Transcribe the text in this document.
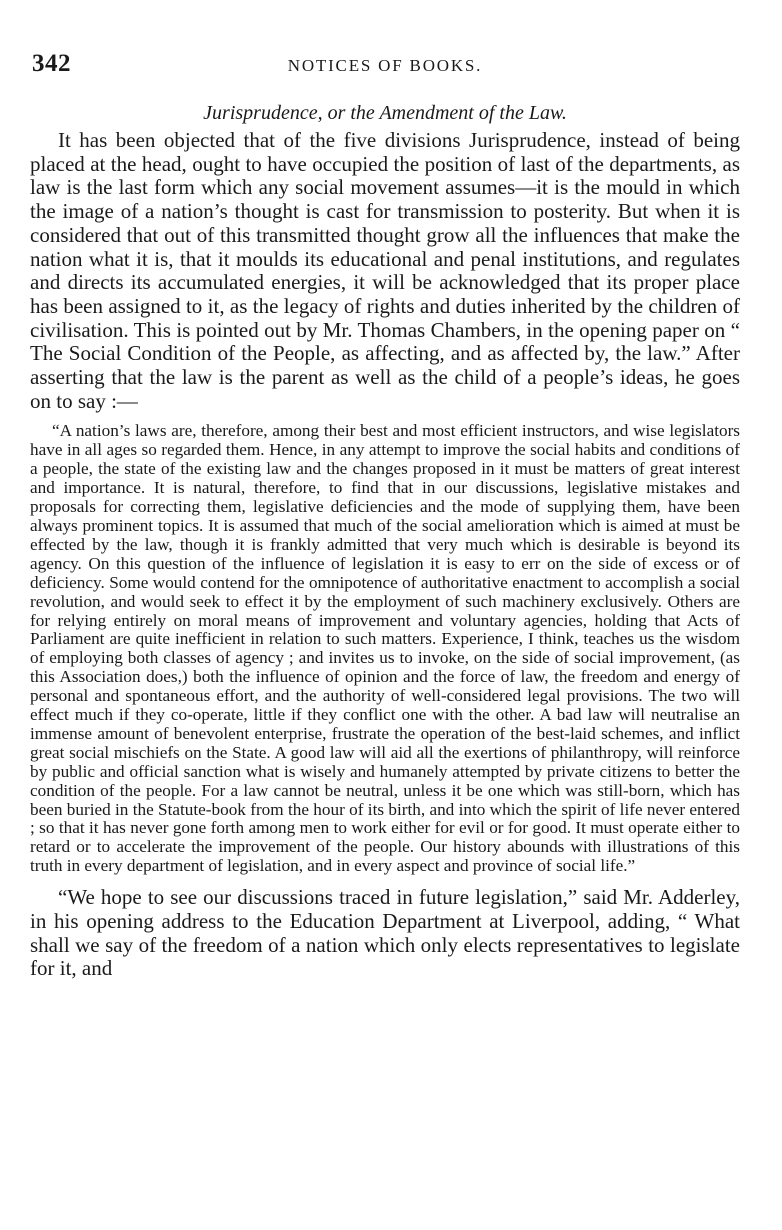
342	NOTICES OF BOOKS.
Jurisprudence, or the Amendment of the Law.

It has been objected that of the five divisions Jurisprudence, instead of being placed at the head, ought to have occupied the position of last of the departments, as law is the last form which any social movement assumes—it is the mould in which the image of a nation’s thought is cast for transmission to posterity. But when it is considered that out of this transmitted thought grow all the influences that make the nation what it is, that it moulds its educational and penal institutions, and regulates and directs its accumulated energies, it will be acknowledged that its proper place has been assigned to it, as the legacy of rights and duties inherited by the children of civilisation. This is pointed out by Mr. Thomas Chambers, in the opening paper on “ The Social Condition of the People, as affecting, and as affected by, the law.” After asserting that the law is the parent as well as the child of a people’s ideas, he goes on to say :—

“A nation’s laws are, therefore, among their best and most efficient instructors, and wise legislators have in all ages so regarded them. Hence, in any attempt to improve the social habits and conditions of a people, the state of the existing law and the changes proposed in it must be matters of great interest and importance. It is natural, therefore, to find that in our discussions, legislative mistakes and proposals for correcting them, legislative deficiencies and the mode of supplying them, have been always prominent topics. It is assumed that much of the social amelioration which is aimed at must be effected by the law, though it is frankly admitted that very much which is desirable is beyond its agency. On this question of the influence of legislation it is easy to err on the side of excess or of deficiency. Some would contend for the omnipotence of authoritative enactment to accomplish a social revolution, and would seek to effect it by the employment of such machinery exclusively. Others are for relying entirely on moral means of improvement and voluntary agencies, holding that Acts of Parliament are quite inefficient in relation to such matters. Experience, I think, teaches us the wisdom of employing both classes of agency ; and invites us to invoke, on the side of social improvement, (as this Association does,) both the influence of opinion and the force of law, the freedom and energy of personal and spontaneous effort, and the authority of well-considered legal provisions. The two will effect much if they co-operate, little if they conflict one with the other. A bad law will neutralise an immense amount of benevolent enterprise, frustrate the operation of the best-laid schemes, and inflict great social mischiefs on the State. A good law will aid all the exertions of philanthropy, will reinforce by public and official sanction what is wisely and humanely attempted by private citizens to better the condition of the people. For a law cannot be neutral, unless it be one which was still-born, which has been buried in the Statute-book from the hour of its birth, and into which the spirit of life never entered ; so that it has never gone forth among men to work either for evil or for good. It must operate either to retard or to accelerate the improvement of the people. Our history abounds with illustrations of this truth in every department of legislation, and in every aspect and province of social life.”

“We hope to see our discussions traced in future legislation,” said Mr. Adderley, in his opening address to the Education Department at Liverpool, adding, “ What shall we say of the freedom of a nation which only elects representatives to legislate for it, and
